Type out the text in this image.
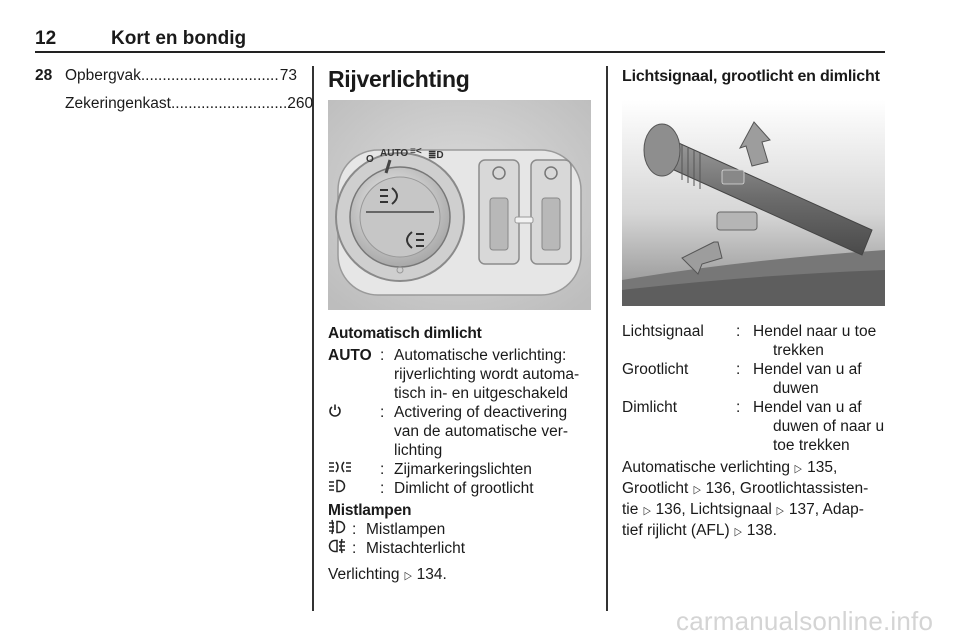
12	Kort en bondig
28 Opbergvak ................................ 73
Zekeringenkast ........................... 260
Rijverlichting
O
AUTO ≡< ≣D
Automatisch dimlicht
AUTO : Automatische verlichting:
rijverlichting wordt automa-
tisch in- en uitgeschakeld
: Activering of deactivering
van de automatische ver-
lichting
: Zijmarkeringslichten
: Dimlicht of grootlicht
Mistlampen
: Mistlampen
: Mistachterlicht
Verlichting ▷ 134.
Lichtsignaal, grootlicht en dimlicht
Lichtsignaal : Hendel naar u toe
trekken
Grootlicht	: Hendel van u af
duwen
Dimlicht	: Hendel van u af
duwen of naar u
toe trekken
Automatische verlichting ▷ 135,
Grootlicht ▷ 136, Grootlichtassisten-
tie ▷ 136, Lichtsignaal ▷ 137, Adap-
tief rijlicht (AFL) ▷ 138.
carmanualsonline.info
